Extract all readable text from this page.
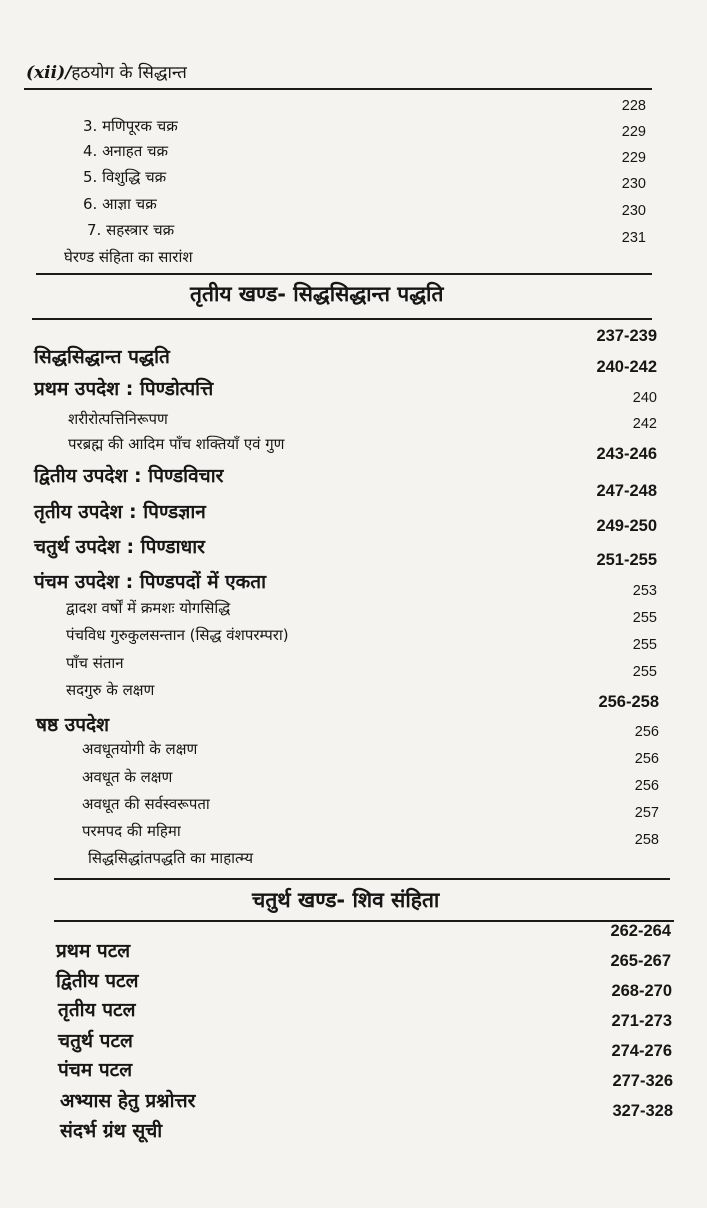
(xii)/हठयोग के सिद्धान्त
3. मणिपूरक चक्र
228
4. अनाहत चक्र
229
5. विशुद्धि चक्र
229
6. आज्ञा चक्र
230
7. सहस्त्रार चक्र
230
घेरण्ड संहिता का सारांश
231
तृतीय खण्ड- सिद्धसिद्धान्त पद्धति
सिद्धसिद्धान्त पद्धति
237-239
प्रथम उपदेश : पिण्डोत्पत्ति
240-242
शरीरोत्पत्तिनिरूपण
240
परब्रह्म की आदिम पाँच शक्तियाँ एवं गुण
242
द्वितीय उपदेश : पिण्डविचार
243-246
तृतीय उपदेश : पिण्डज्ञान
247-248
चतुर्थ उपदेश : पिण्डाधार
249-250
पंचम उपदेश : पिण्डपदों में एकता
251-255
द्वादश वर्षों में क्रमशः योगसिद्धि
253
पंचविध गुरुकुलसन्तान (सिद्ध वंशपरम्परा)
255
पाँच संतान
255
सदगुरु के लक्षण
255
षष्ठ उपदेश
256-258
अवधूतयोगी के लक्षण
256
अवधूत के लक्षण
256
अवधूत की सर्वस्वरूपता
256
परमपद की महिमा
257
सिद्धसिद्धांतपद्धति का माहात्म्य
258
चतुर्थ खण्ड- शिव संहिता
प्रथम पटल
262-264
द्वितीय पटल
265-267
तृतीय पटल
268-270
चतुर्थ पटल
271-273
पंचम पटल
274-276
अभ्यास हेतु प्रश्नोत्तर
277-326
संदर्भ ग्रंथ सूची
327-328
